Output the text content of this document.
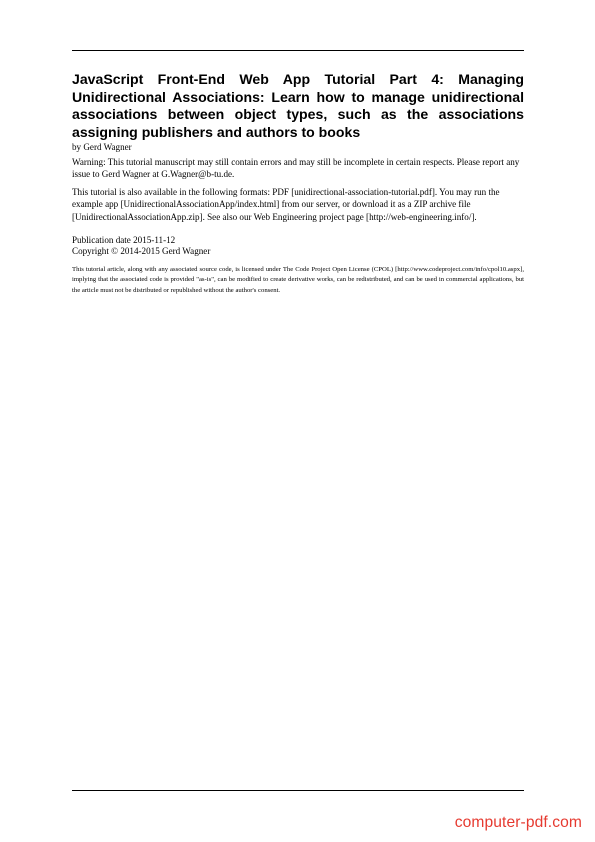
JavaScript Front-End Web App Tutorial Part 4: Managing Unidirectional Associations: Learn how to manage unidirectional associations between object types, such as the associations assigning publishers and authors to books

by Gerd Wagner

Warning: This tutorial manuscript may still contain errors and may still be incomplete in certain respects. Please report any issue to Gerd Wagner at G.Wagner@b-tu.de.

This tutorial is also available in the following formats: PDF [unidirectional-association-tutorial.pdf]. You may run the example app [UnidirectionalAssociationApp/index.html] from our server, or download it as a ZIP archive file [UnidirectionalAssociationApp.zip]. See also our Web Engineering project page [http://web-engineering.info/].

Publication date 2015-11-12

Copyright © 2014-2015 Gerd Wagner

This tutorial article, along with any associated source code, is licensed under The Code Project Open License (CPOL) [http://www.codeproject.com/info/cpol10.aspx], implying that the associated code is provided "as-is", can be modified to create derivative works, can be redistributed, and can be used in commercial applications, but the article must not be distributed or republished without the author's consent.

computer-pdf.com
